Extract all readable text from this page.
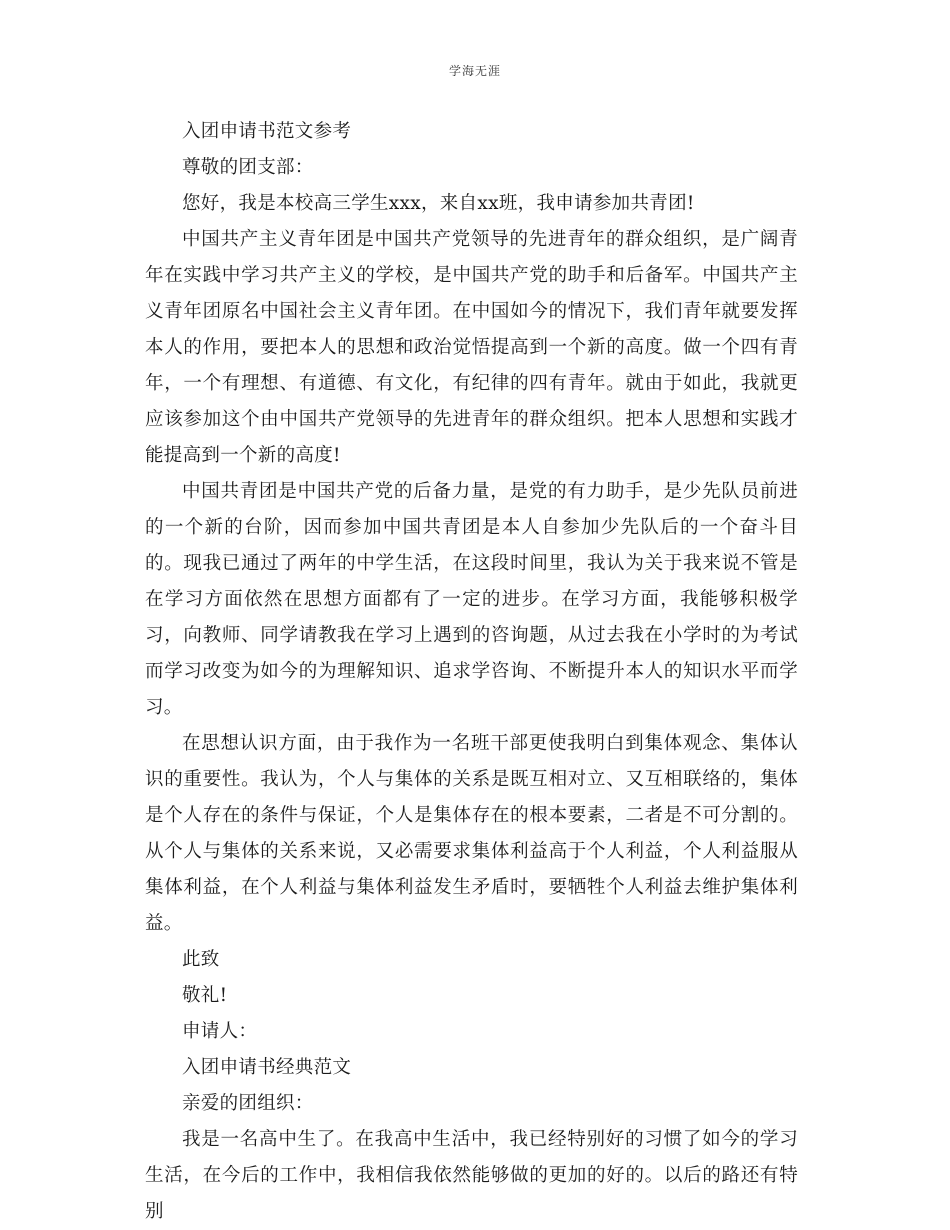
学海无涯

入团申请书范文参考

尊敬的团支部：

您好，我是本校高三学生xxx，来自xx班，我申请参加共青团!

中国共产主义青年团是中国共产党领导的先进青年的群众组织，是广阔青年在实践中学习共产主义的学校，是中国共产党的助手和后备军。中国共产主义青年团原名中国社会主义青年团。在中国如今的情况下，我们青年就要发挥本人的作用，要把本人的思想和政治觉悟提高到一个新的高度。做一个四有青年，一个有理想、有道德、有文化，有纪律的四有青年。就由于如此，我就更应该参加这个由中国共产党领导的先进青年的群众组织。把本人思想和实践才能提高到一个新的高度!

中国共青团是中国共产党的后备力量，是党的有力助手，是少先队员前进的一个新的台阶，因而参加中国共青团是本人自参加少先队后的一个奋斗目的。现我已通过了两年的中学生活，在这段时间里，我认为关于我来说不管是在学习方面依然在思想方面都有了一定的进步。在学习方面，我能够积极学习，向教师、同学请教我在学习上遇到的咨询题，从过去我在小学时的为考试而学习改变为如今的为理解知识、追求学咨询、不断提升本人的知识水平而学习。

在思想认识方面，由于我作为一名班干部更使我明白到集体观念、集体认识的重要性。我认为，个人与集体的关系是既互相对立、又互相联络的，集体是个人存在的条件与保证，个人是集体存在的根本要素，二者是不可分割的。从个人与集体的关系来说，又必需要求集体利益高于个人利益，个人利益服从集体利益，在个人利益与集体利益发生矛盾时，要牺牲个人利益去维护集体利益。

此致

敬礼!

申请人：

入团申请书经典范文

亲爱的团组织：

我是一名高中生了。在我高中生活中，我已经特别好的习惯了如今的学习生活，在今后的工作中，我相信我依然能够做的更加的好的。以后的路还有特别
